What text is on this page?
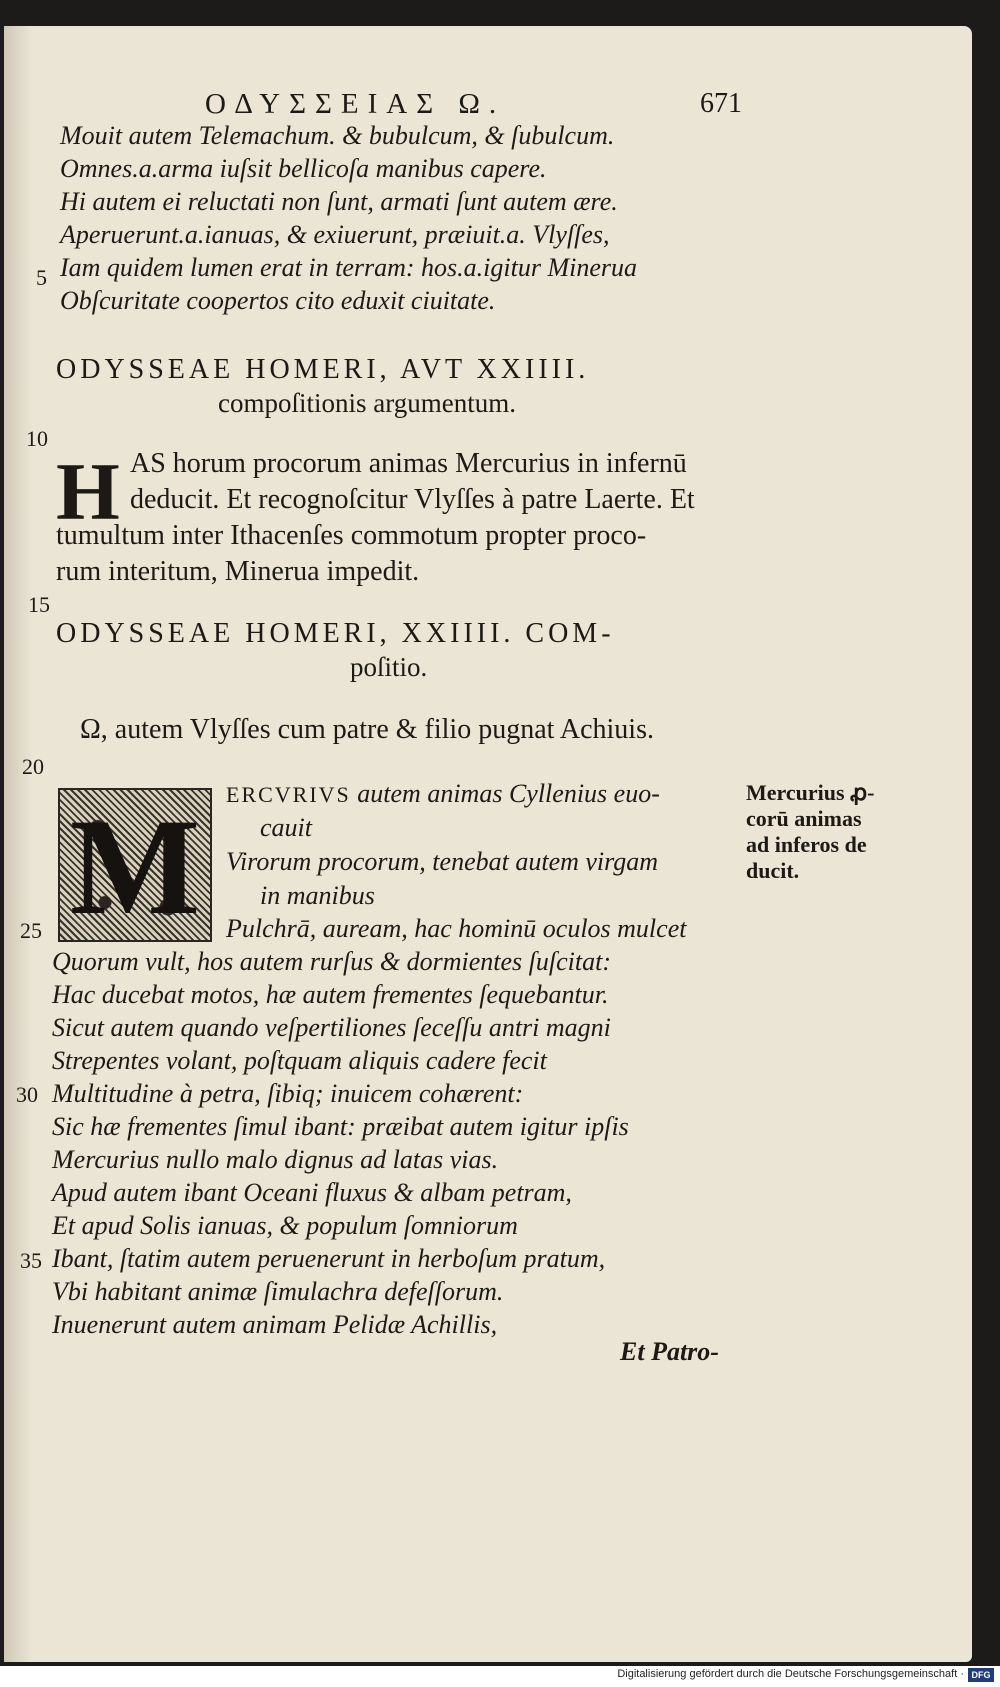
ΟΔΥΣΣΕΙΑΣ Ω.	671
Mouit autem Telemachum. & bubulcum, & ſubulcum.
Omnes.a.arma iuſsit bellicoſa manibus capere.
Hi autem ei reluctati non ſunt, armati ſunt autem ære.
Aperuerunt.a.ianuas, & exiuerunt, præiuit.a. Vlyſſes,
5 Iam quidem lumen erat in terram: hos.a.igitur Minerua
Obſcuritate coopertos cito eduxit ciuitate.
ODYSSEAE HOMERI, AVT XXIIII.
compoſitionis argumentum.
10
H AS horum procorum animas Mercurius in infernū
deducit. Et recognoſcitur Vlyſſes à patre Laerte. Et
tumultum inter Ithacenſes commotum propter proco-
rum interitum, Minerua impedit.
15
ODYSSEAE HOMERI, XXIIII. COM-
poſitio.
Ω, autem Vlyſſes cum patre & filio pugnat Achiuis.
20
M	ERCVRIVS autem animas Cyllenius euo-
cauit
Virorum procorum, tenebat autem virgam
in manibus
25	Pulchrā, auream, hac hominū oculos mulcet
Quorum vult, hos autem rurſus & dormientes ſuſcitat:
Hac ducebat motos, hæ autem frementes ſequebantur.
Sicut autem quando veſpertiliones ſeceſſu antri magni
Strepentes volant, poſtquam aliquis cadere fecit
30 Multitudine à petra, ſibiq; inuicem cohærent:
Sic hæ frementes ſimul ibant: præibat autem igitur ipſis
Mercurius nullo malo dignus ad latas vias.
Apud autem ibant Oceani fluxus & albam petram,
Et apud Solis ianuas, & populum ſomniorum
35 Ibant, ſtatim autem peruenerunt in herboſum pratum,
Vbi habitant animæ ſimulachra defeſſorum.
Inuenerunt autem animam Pelidæ Achillis,
Et Patro-
Mercurius ꝓ-
corū animas
ad inferos de
ducit.
Digitalisierung gefördert durch die Deutsche Forschungsgemeinschaft · DFG
